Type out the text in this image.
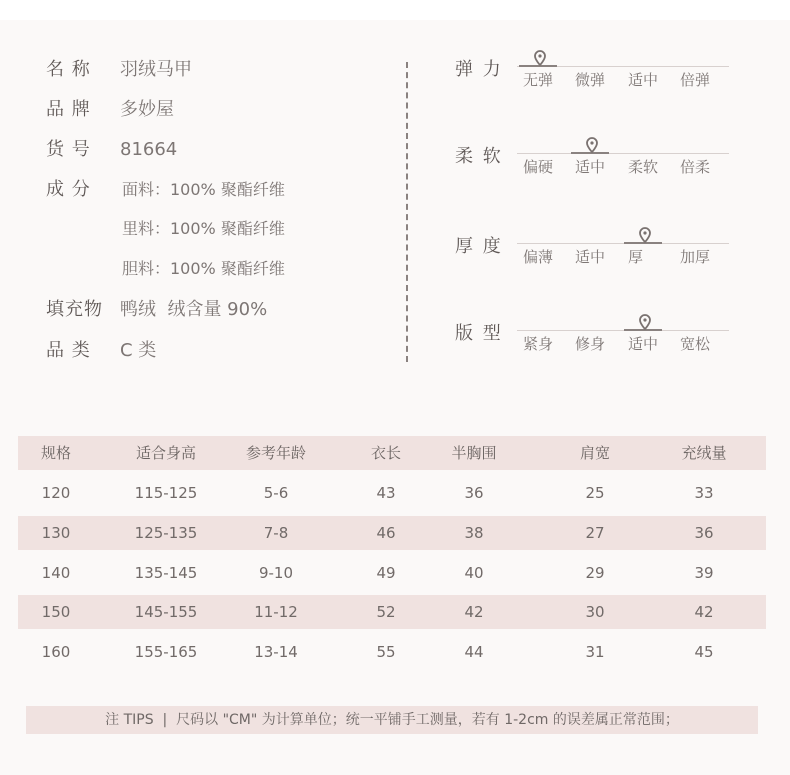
名 称 羽绒马甲
品 牌 多妙屋
货 号 81664
成 分 面料：100% 聚酯纤维
里料：100% 聚酯纤维
胆料：100% 聚酯纤维
填充物 鸭绒  绒含量 90%
品 类 C 类
弹 力 无弹 微弹 适中 倍弹
柔 软 偏硬 适中 柔软 倍柔
厚 度 偏薄 适中 厚 加厚
版 型 紧身 修身 适中 宽松
规格	适合身高	参考年龄	衣长	半胸围	肩宽	充绒量
120	115-125	5-6	43	36	25	33
130	125-135	7-8	46	38	27	36
140	135-145	9-10	49	40	29	39
150	145-155	11-12	52	42	30	42
160	155-165	13-14	55	44	31	45
注 TIPS  |  尺码以 "CM" 为计算单位；统一平铺手工测量，若有 1-2cm 的误差属正常范围；
